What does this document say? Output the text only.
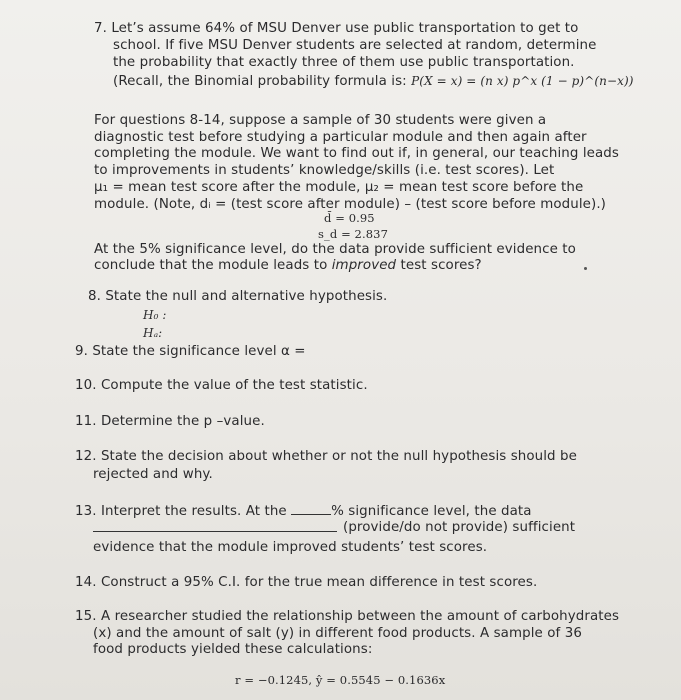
7. Let’s assume 64% of MSU Denver use public transportation to get to
school. If five MSU Denver students are selected at random, determine
the probability that exactly three of them use public transportation.
(Recall, the Binomial probability formula is: P(X = x) = (n x) p^x (1 − p)^(n−x))
For questions 8-14, suppose a sample of 30 students were given a
diagnostic test before studying a particular module and then again after
completing the module. We want to find out if, in general, our teaching leads
to improvements in students’ knowledge/skills (i.e. test scores). Let
μ₁ = mean test score after the module, μ₂ = mean test score before the
module. (Note, dᵢ = (test score after module) – (test score before module).)
d̄ = 0.95
s_d = 2.837
At the 5% significance level, do the data provide sufficient evidence to
conclude that the module leads to improved test scores?
8. State the null and alternative hypothesis.
H₀ :
Hₐ:
9. State the significance level α =
10. Compute the value of the test statistic.
11. Determine the p –value.
12. State the decision about whether or not the null hypothesis should be
rejected and why.
13. Interpret the results. At the	% significance level, the data
(provide/do not provide) sufficient
evidence that the module improved students’ test scores.
14. Construct a 95% C.I. for the true mean difference in test scores.
15. A researcher studied the relationship between the amount of carbohydrates
(x) and the amount of salt (y) in different food products. A sample of 36
food products yielded these calculations:
r = −0.1245, ŷ = 0.5545 − 0.1636x
